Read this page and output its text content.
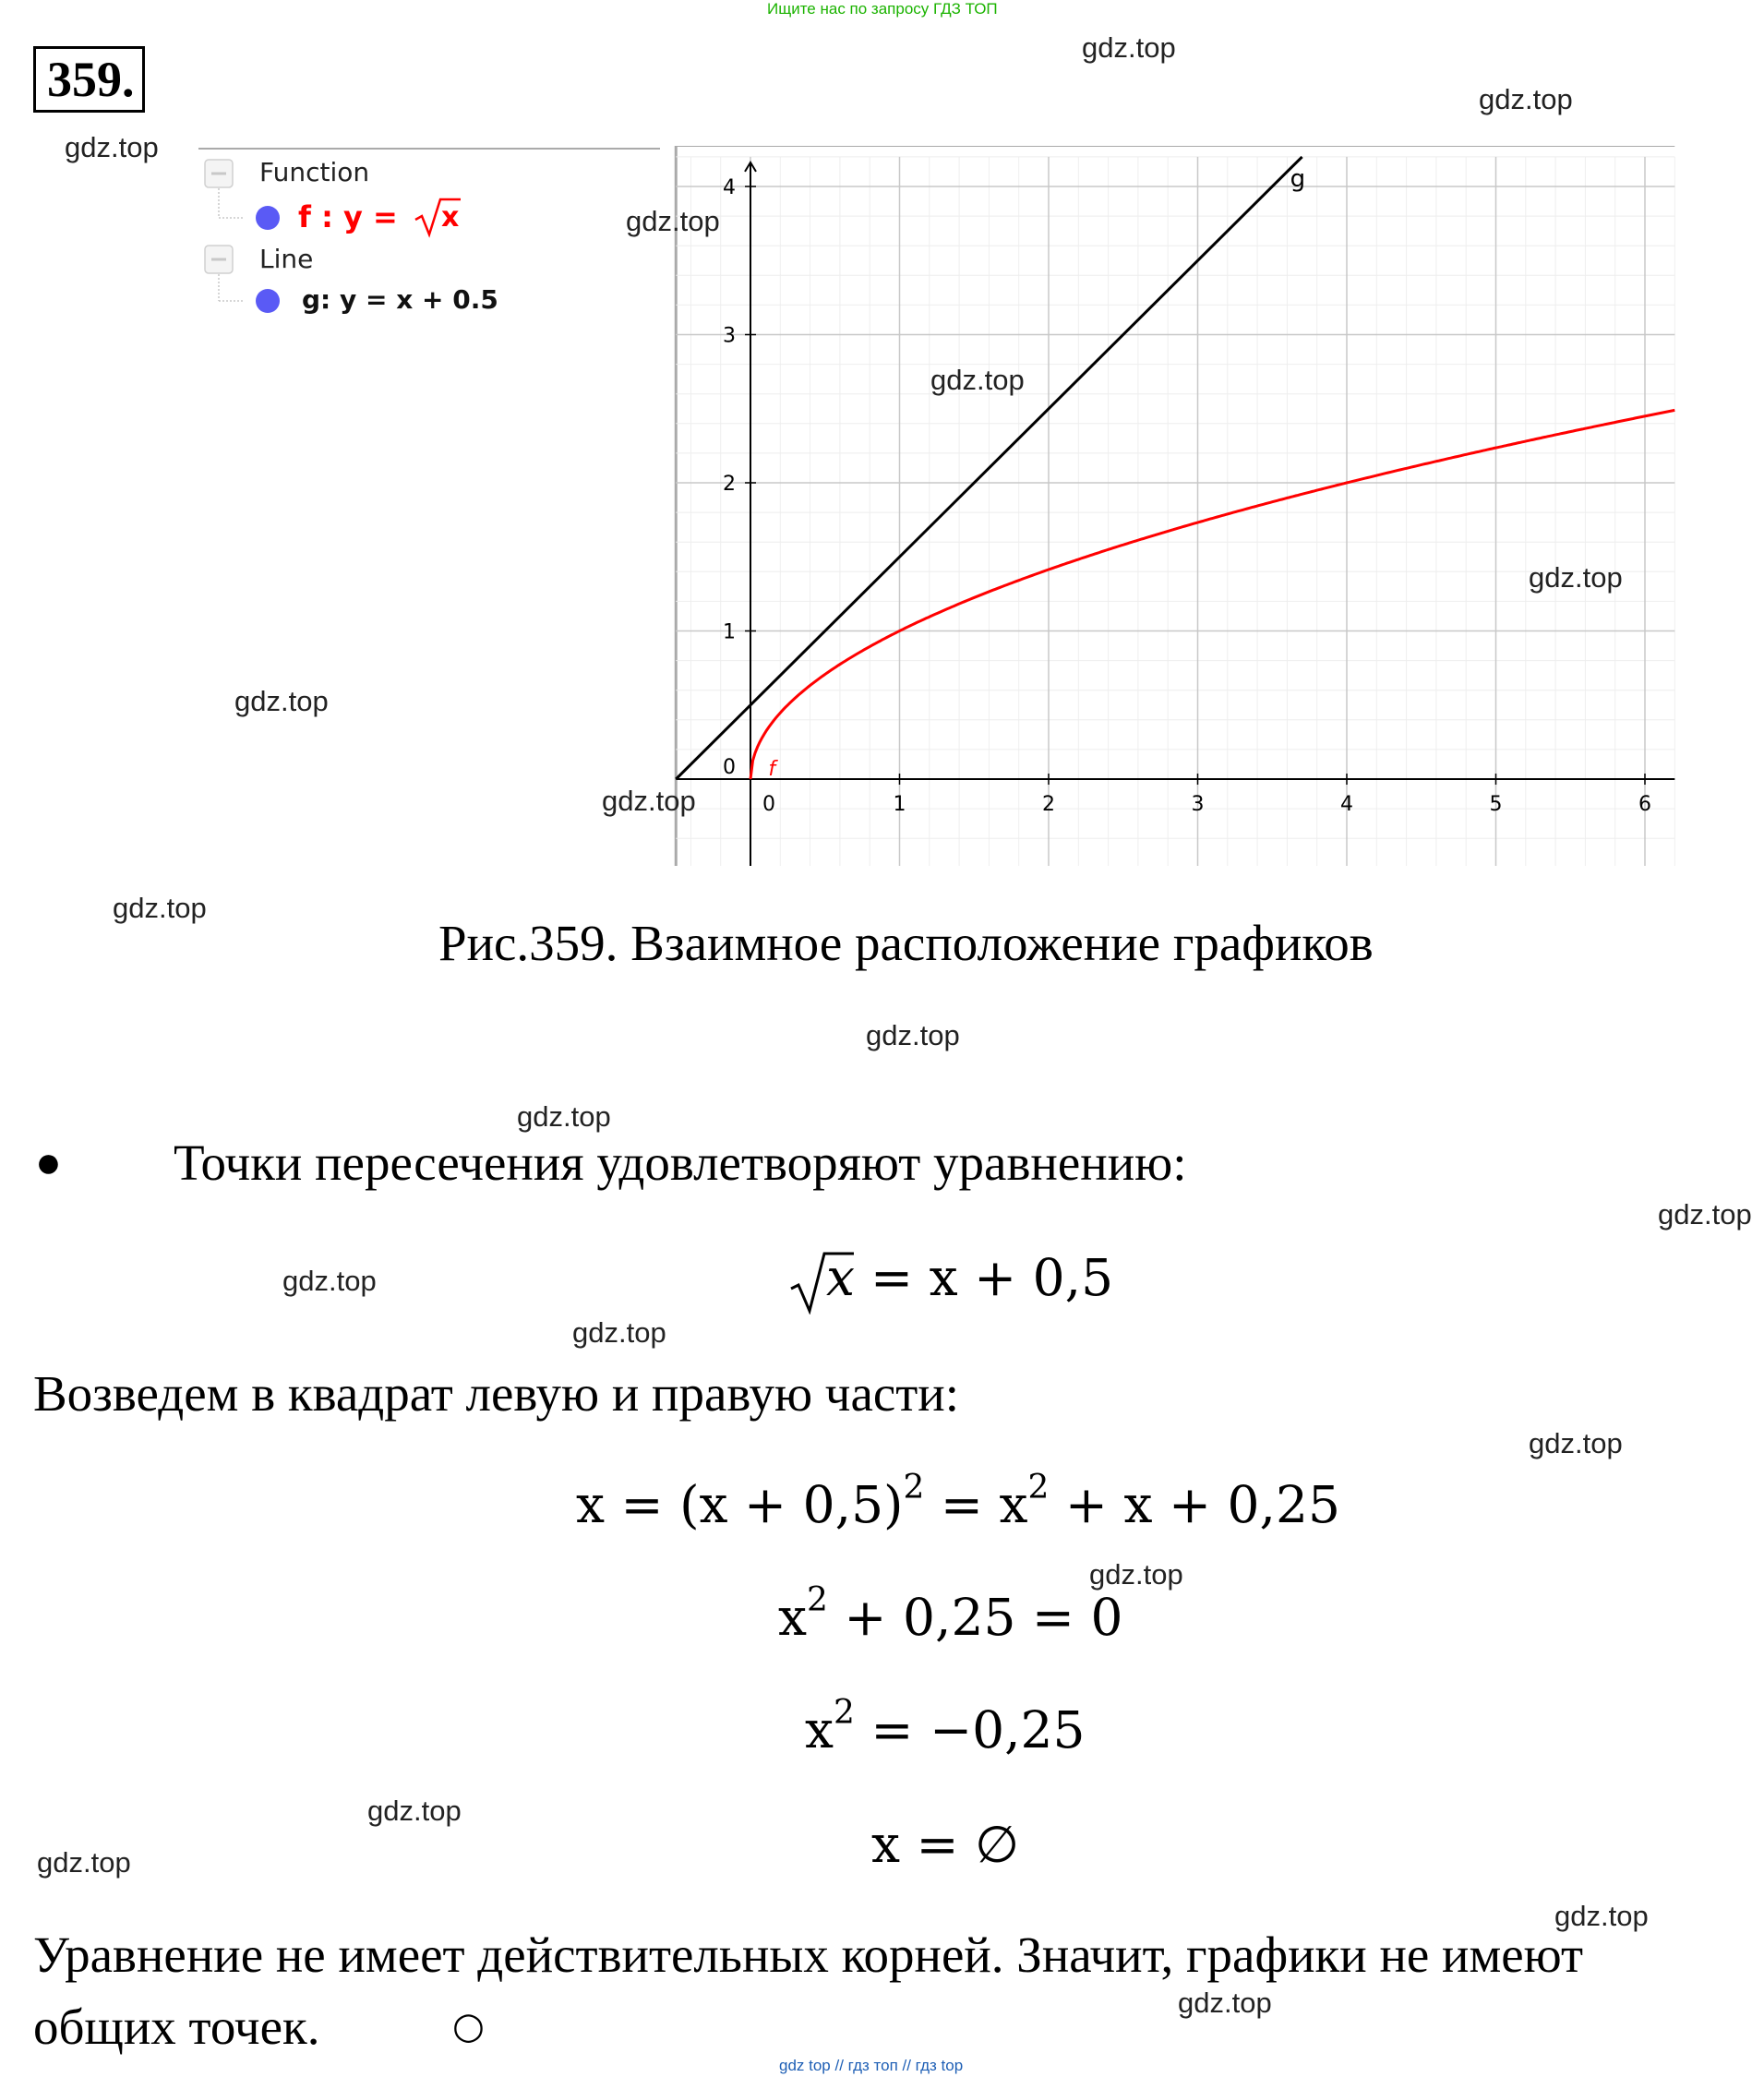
Ищите нас по запросу ГДЗ ТОП
359.
Function
f : y = x
Line
g: y = x + 0.5
0	1	2	3	4	5	6
0
1
2
3
4
f
g
Рис.359. Взаимное расположение графиков
● Точки пересечения удовлетворяют уравнению:
x = x + 0,5
Возведем в квадрат левую и правую части:
$x = (x + 0,5)^2 = x^2 + x + 0,25$
$x^2 + 0,25 = 0$
$x^2 = -0,25$
x = ∅
Уравнение не имеет действительных корней. Значит, графики не имеют
общих точек.	○
gdz.top
gdz.top
gdz.top
gdz.top
gdz.top
gdz.top
gdz.top
gdz.top
gdz.top
gdz.top
gdz.top
gdz.top
gdz.top
gdz.top
gdz.top
gdz.top
gdz.top
gdz.top
gdz.top
gdz.top
gdz top // гдз топ // гдз top
